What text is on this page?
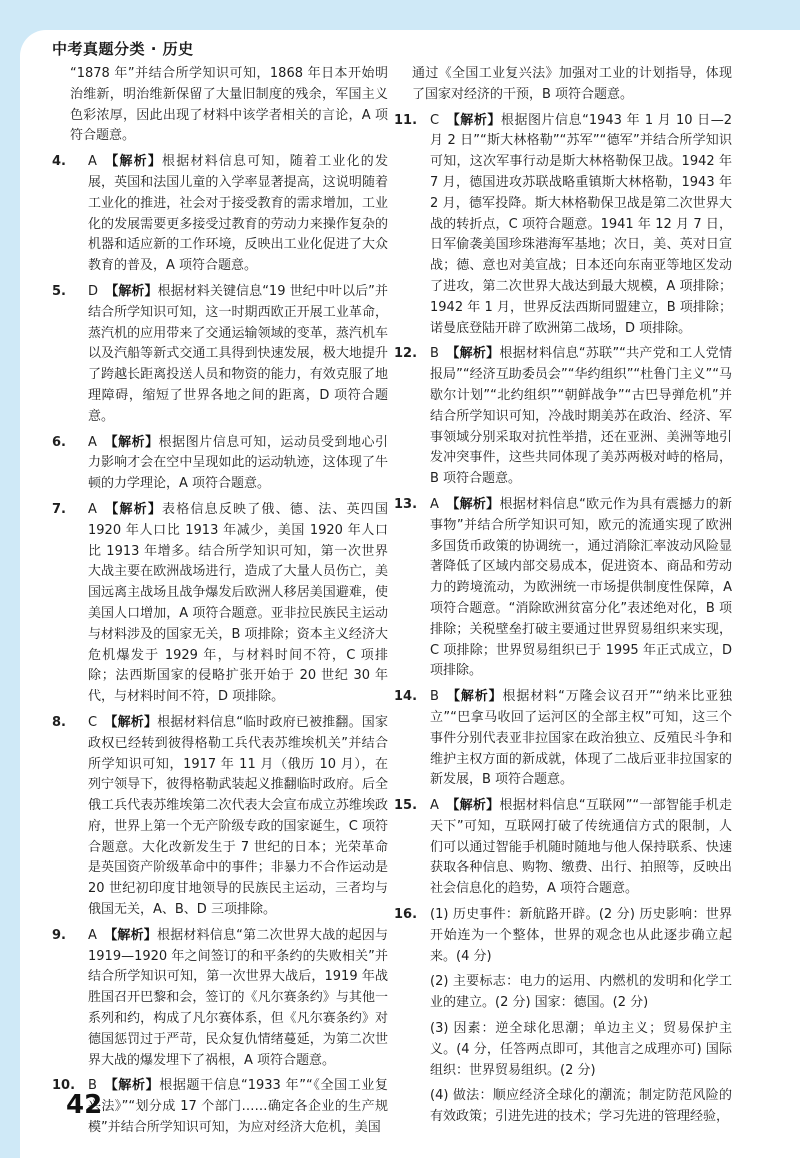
中考真题分类 · 历史

“1878 年”并结合所学知识可知，1868 年日本开始明治维新，明治维新保留了大量旧制度的残余，军国主义色彩浓厚，因此出现了材料中该学者相关的言论，A 项符合题意。

4. A 【解析】根据材料信息可知，随着工业化的发展，英国和法国儿童的入学率显著提高，这说明随着工业化的推进，社会对于接受教育的需求增加，工业化的发展需要更多接受过教育的劳动力来操作复杂的机器和适应新的工作环境，反映出工业化促进了大众教育的普及，A 项符合题意。

5. D 【解析】根据材料关键信息“19 世纪中叶以后”并结合所学知识可知，这一时期西欧正开展工业革命，蒸汽机的应用带来了交通运输领域的变革，蒸汽机车以及汽船等新式交通工具得到快速发展，极大地提升了跨越长距离投送人员和物资的能力，有效克服了地理障碍，缩短了世界各地之间的距离，D 项符合题意。

6. A 【解析】根据图片信息可知，运动员受到地心引力影响才会在空中呈现如此的运动轨迹，这体现了牛顿的力学理论，A 项符合题意。

7. A 【解析】表格信息反映了俄、德、法、英四国 1920 年人口比 1913 年减少，美国 1920 年人口比 1913 年增多。结合所学知识可知，第一次世界大战主要在欧洲战场进行，造成了大量人员伤亡，美国远离主战场且战争爆发后欧洲人移居美国避难，使美国人口增加，A 项符合题意。亚非拉民族民主运动与材料涉及的国家无关，B 项排除；资本主义经济大危机爆发于 1929 年，与材料时间不符，C 项排除；法西斯国家的侵略扩张开始于 20 世纪 30 年代，与材料时间不符，D 项排除。

8. C 【解析】根据材料信息“临时政府已被推翻。国家政权已经转到彼得格勒工兵代表苏维埃机关”并结合所学知识可知，1917 年 11 月（俄历 10 月），在列宁领导下，彼得格勒武装起义推翻临时政府。后全俄工兵代表苏维埃第二次代表大会宣布成立苏维埃政府，世界上第一个无产阶级专政的国家诞生，C 项符合题意。大化改新发生于 7 世纪的日本；光荣革命是英国资产阶级革命中的事件；非暴力不合作运动是 20 世纪初印度甘地领导的民族民主运动，三者均与俄国无关，A、B、D 三项排除。

9. A 【解析】根据材料信息“第二次世界大战的起因与 1919—1920 年之间签订的和平条约的失败相关”并结合所学知识可知，第一次世界大战后，1919 年战胜国召开巴黎和会，签订的《凡尔赛条约》与其他一系列和约，构成了凡尔赛体系，但《凡尔赛条约》对德国惩罚过于严苛，民众复仇情绪蔓延，为第二次世界大战的爆发埋下了祸根，A 项符合题意。

10. B 【解析】根据题干信息“1933 年”“《全国工业复兴法》”“划分成 17 个部门……确定各企业的生产规模”并结合所学知识可知，为应对经济大危机，美国

通过《全国工业复兴法》加强对工业的计划指导，体现了国家对经济的干预，B 项符合题意。

11. C 【解析】根据图片信息“1943 年 1 月 10 日—2 月 2 日”“斯大林格勒”“苏军”“德军”并结合所学知识可知，这次军事行动是斯大林格勒保卫战。1942 年 7 月，德国进攻苏联战略重镇斯大林格勒，1943 年 2 月，德军投降。斯大林格勒保卫战是第二次世界大战的转折点，C 项符合题意。1941 年 12 月 7 日，日军偷袭美国珍珠港海军基地；次日，美、英对日宣战；德、意也对美宣战；日本还向东南亚等地区发动了进攻，第二次世界大战达到最大规模，A 项排除；1942 年 1 月，世界反法西斯同盟建立，B 项排除；诺曼底登陆开辟了欧洲第二战场，D 项排除。

12. B 【解析】根据材料信息“苏联”“共产党和工人党情报局”“经济互助委员会”“华约组织”“杜鲁门主义”“马歇尔计划”“北约组织”“朝鲜战争”“古巴导弹危机”并结合所学知识可知，冷战时期美苏在政治、经济、军事领域分别采取对抗性举措，还在亚洲、美洲等地引发冲突事件，这些共同体现了美苏两极对峙的格局，B 项符合题意。

13. A 【解析】根据材料信息“欧元作为具有震撼力的新事物”并结合所学知识可知，欧元的流通实现了欧洲多国货币政策的协调统一，通过消除汇率波动风险显著降低了区域内部交易成本，促进资本、商品和劳动力的跨境流动，为欧洲统一市场提供制度性保障，A 项符合题意。“消除欧洲贫富分化”表述绝对化，B 项排除；关税壁垒打破主要通过世界贸易组织来实现，C 项排除；世界贸易组织已于 1995 年正式成立，D 项排除。

14. B 【解析】根据材料“万隆会议召开”“纳米比亚独立”“巴拿马收回了运河区的全部主权”可知，这三个事件分别代表亚非拉国家在政治独立、反殖民斗争和维护主权方面的新成就，体现了二战后亚非拉国家的新发展，B 项符合题意。

15. A 【解析】根据材料信息“互联网”“一部智能手机走天下”可知，互联网打破了传统通信方式的限制，人们可以通过智能手机随时随地与他人保持联系、快速获取各种信息、购物、缴费、出行、拍照等，反映出社会信息化的趋势，A 项符合题意。

16. (1) 历史事件：新航路开辟。(2 分) 历史影响：世界开始连为一个整体，世界的观念也从此逐步确立起来。(4 分)

(2) 主要标志：电力的运用、内燃机的发明和化学工业的建立。(2 分) 国家：德国。(2 分)

(3) 因素：逆全球化思潮；单边主义；贸易保护主义。(4 分，任答两点即可，其他言之成理亦可) 国际组织：世界贸易组织。(2 分)

(4) 做法：顺应经济全球化的潮流；制定防范风险的有效政策；引进先进的技术；学习先进的管理经验，

42
